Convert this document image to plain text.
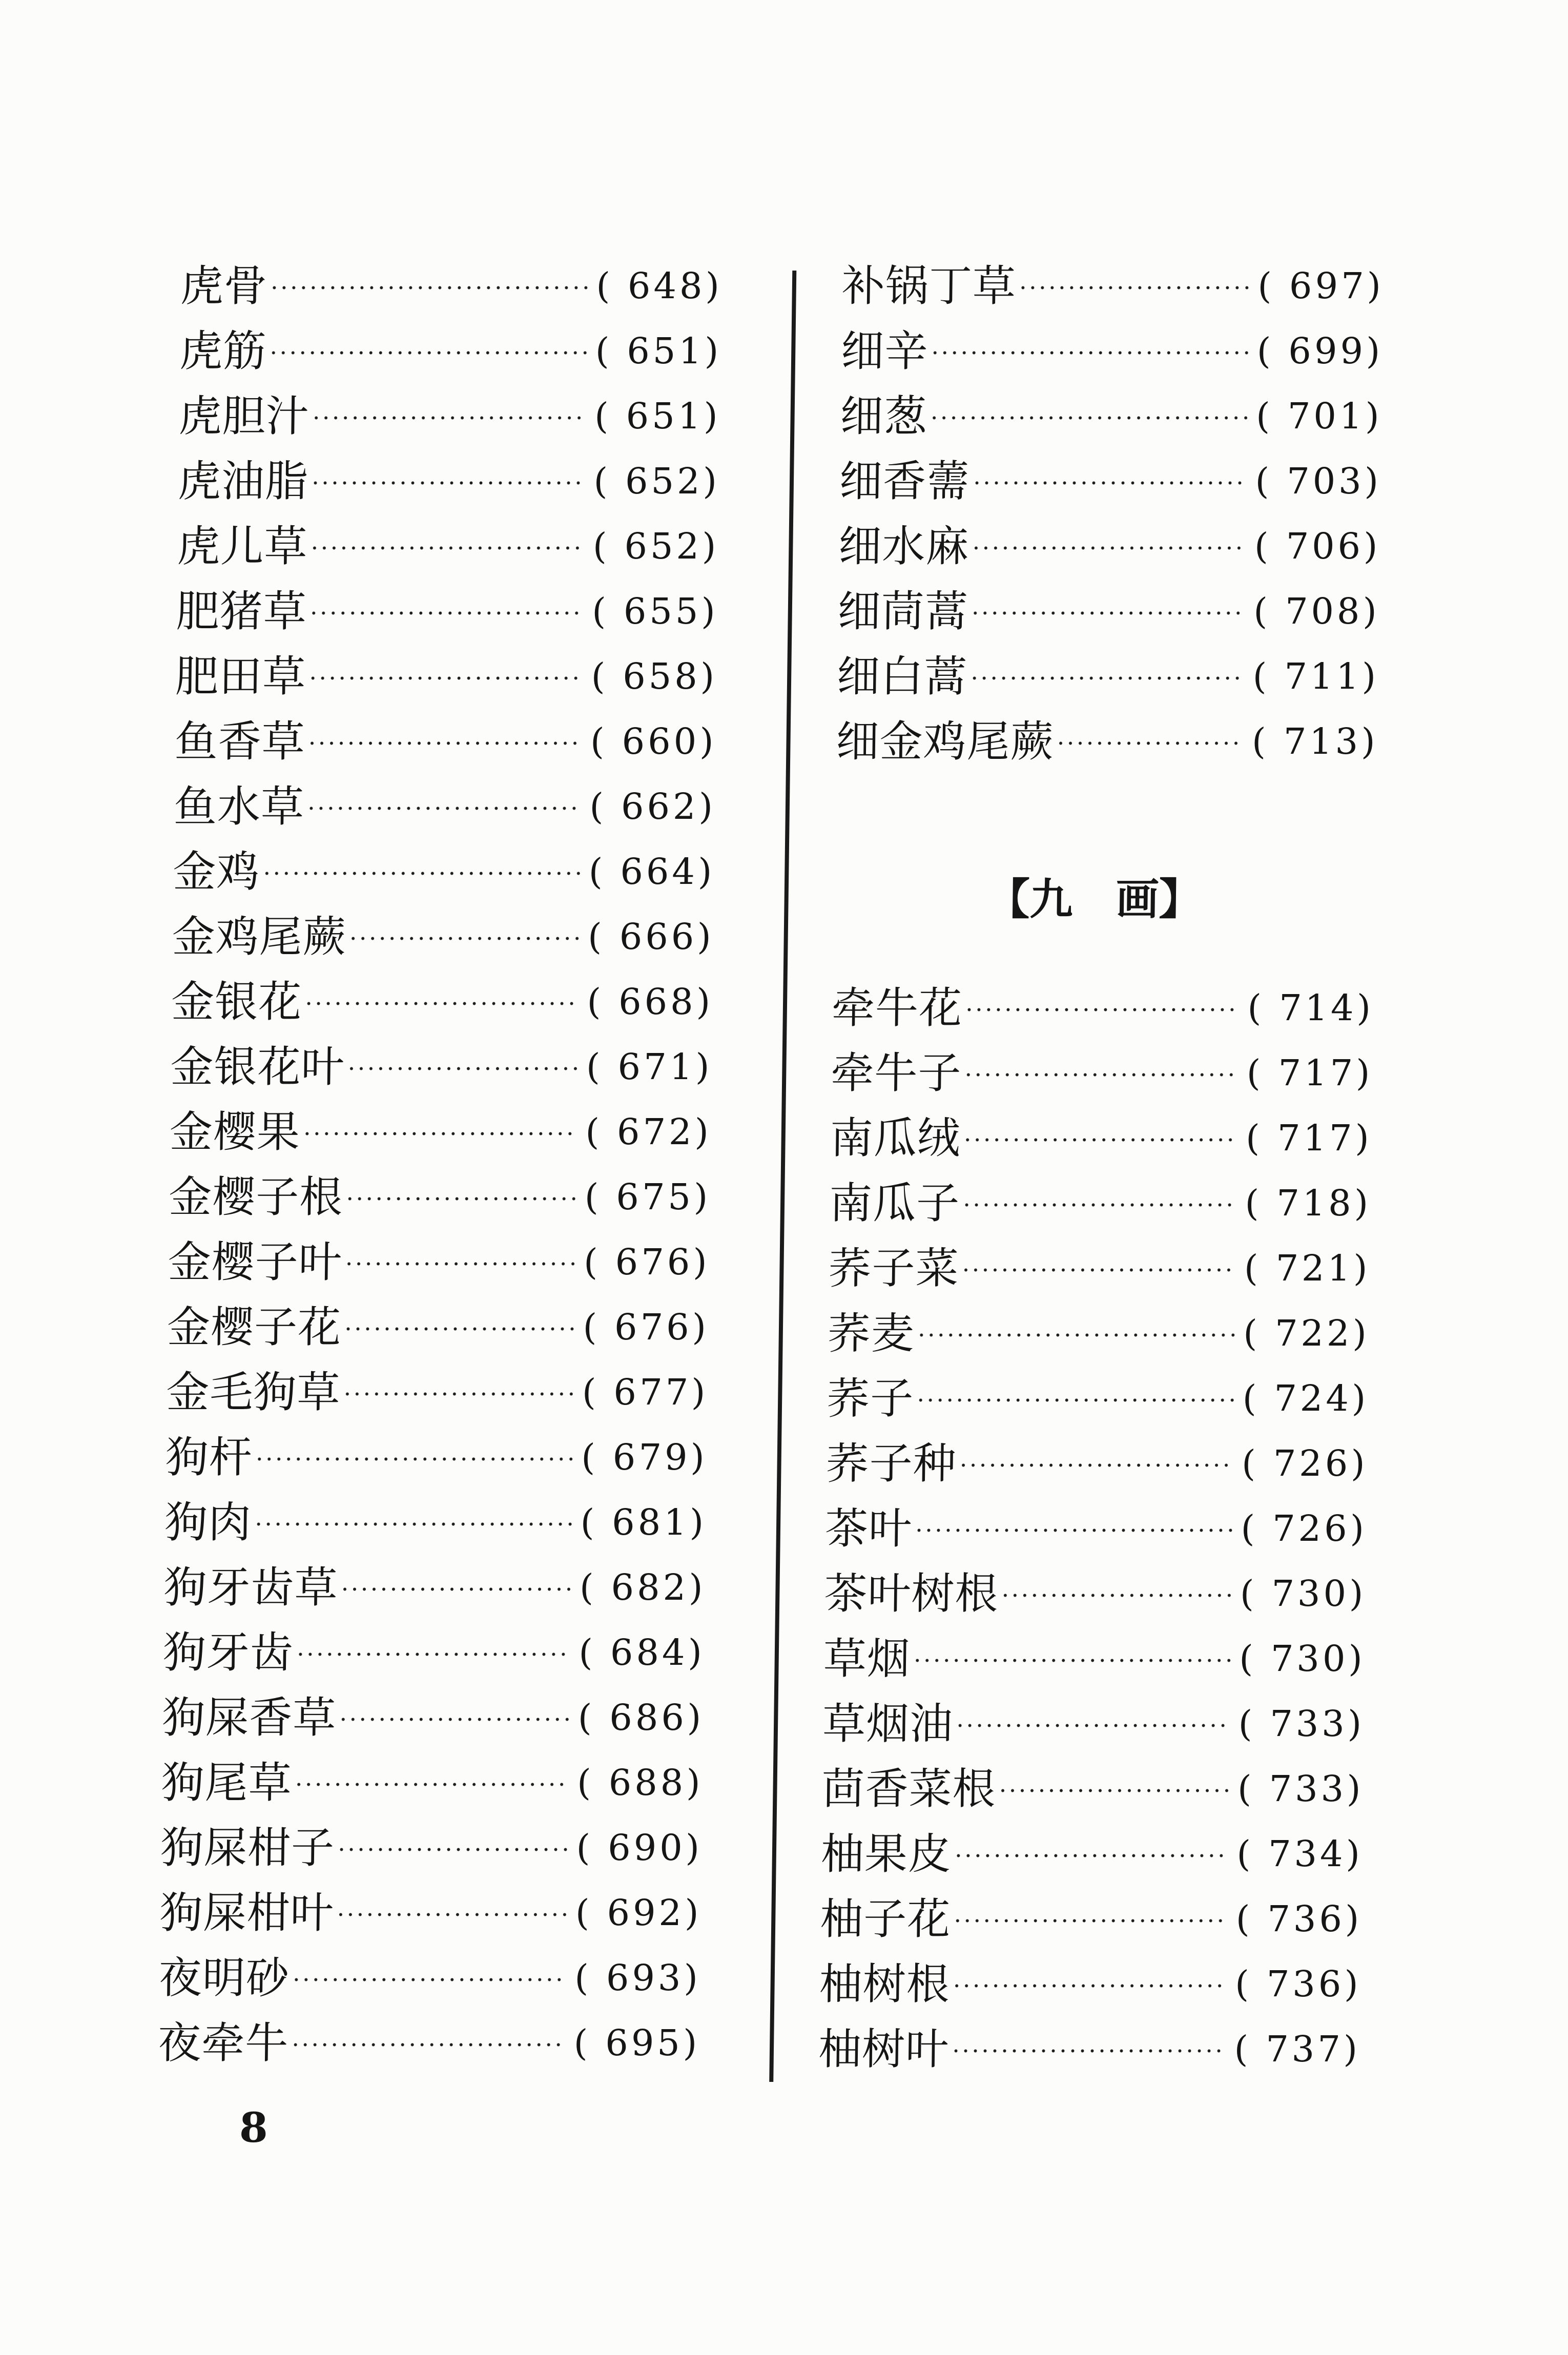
虎骨	( 648)
虎筋	( 651)
虎胆汁	( 651)
虎油脂	( 652)
虎儿草	( 652)
肥猪草	( 655)
肥田草	( 658)
鱼香草	( 660)
鱼水草	( 662)
金鸡	( 664)
金鸡尾蕨	( 666)
金银花	( 668)
金银花叶	( 671)
金樱果	( 672)
金樱子根	( 675)
金樱子叶	( 676)
金樱子花	( 676)
金毛狗草	( 677)
狗杆	( 679)
狗肉	( 681)
狗牙齿草	( 682)
狗牙齿	( 684)
狗屎香草	( 686)
狗尾草	( 688)
狗屎柑子	( 690)
狗屎柑叶	( 692)
夜明砂	( 693)
夜牵牛	( 695)
补锅丁草	( 697)
细辛	( 699)
细葱	( 701)
细香薷	( 703)
细水麻	( 706)
细茼蒿	( 708)
细白蒿	( 711)
细金鸡尾蕨	( 713)
【九　画】
牵牛花	( 714)
牵牛子	( 717)
南瓜绒	( 717)
南瓜子	( 718)
荞子菜	( 721)
荞麦	( 722)
荞子	( 724)
荞子种	( 726)
茶叶	( 726)
茶叶树根	( 730)
草烟	( 730)
草烟油	( 733)
茴香菜根	( 733)
柚果皮	( 734)
柚子花	( 736)
柚树根	( 736)
柚树叶	( 737)
8
